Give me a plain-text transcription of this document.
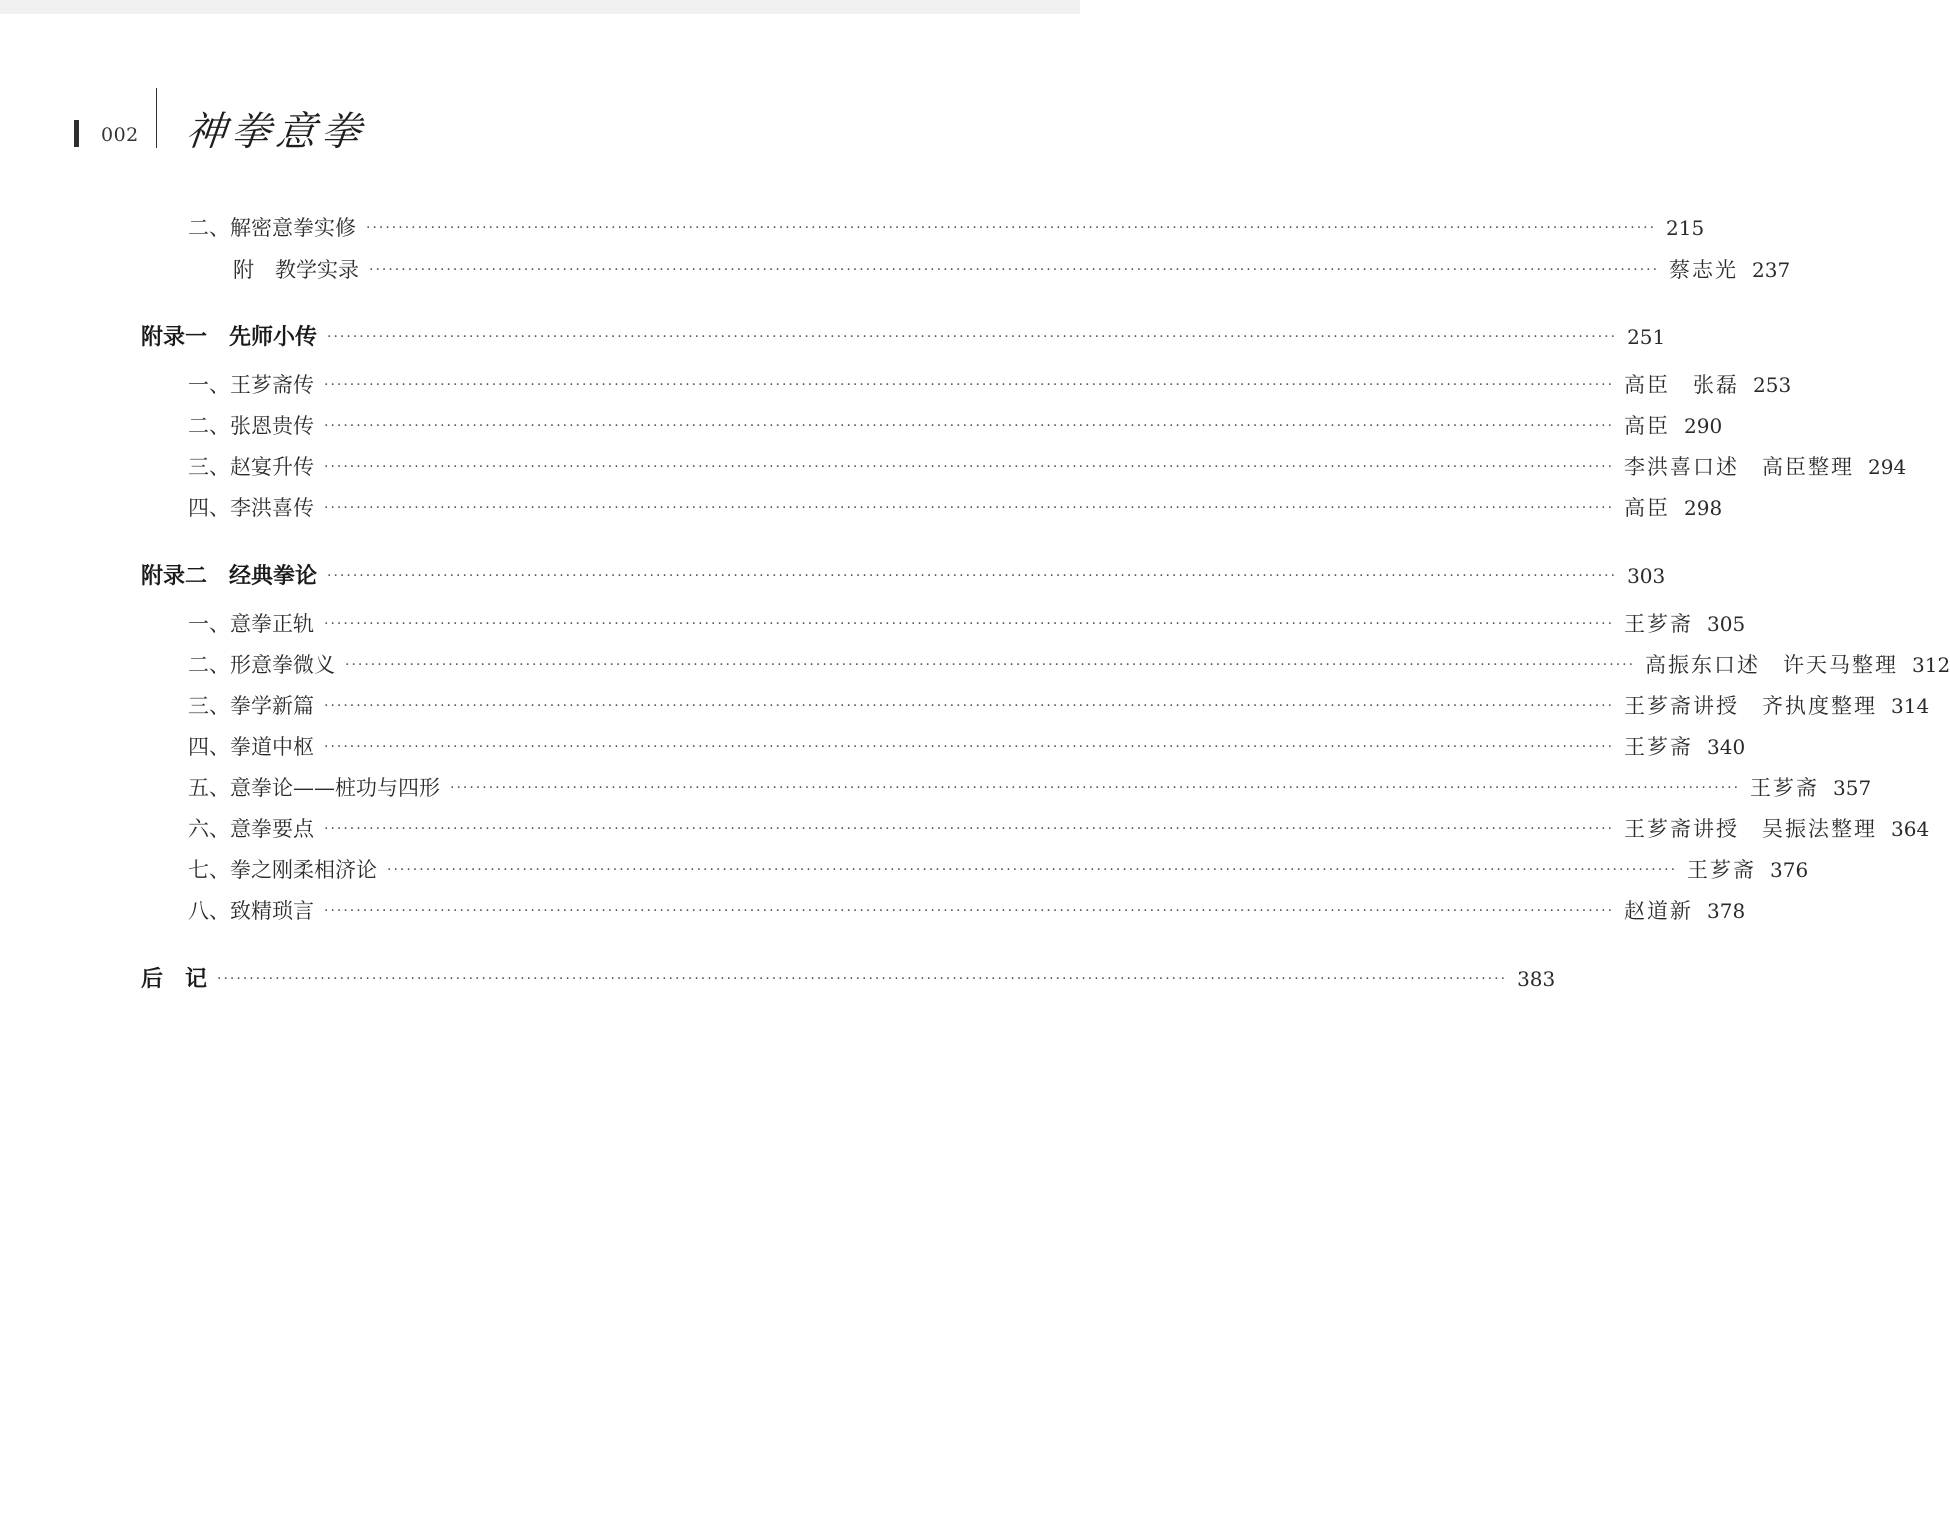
002 神拳意拳
二、解密意拳实修 ········································································································································································································ 215
附　教学实录 ········································································································································································································ 蔡志光 237
附录一　先师小传 ········································································································································································································ 251
一、王芗斋传 ········································································································································································································ 高臣　张磊 253
二、张恩贵传 ········································································································································································································ 高臣 290
三、赵宴升传 ········································································································································································································ 李洪喜口述　高臣整理 294
四、李洪喜传 ········································································································································································································ 高臣 298
附录二　经典拳论 ········································································································································································································ 303
一、意拳正轨 ········································································································································································································ 王芗斋 305
二、形意拳微义 ········································································································································································································ 高振东口述　许天马整理 312
三、拳学新篇 ········································································································································································································ 王芗斋讲授　齐执度整理 314
四、拳道中枢 ········································································································································································································ 王芗斋 340
五、意拳论——桩功与四形 ········································································································································································································ 王芗斋 357
六、意拳要点 ········································································································································································································ 王芗斋讲授　吴振法整理 364
七、拳之刚柔相济论 ········································································································································································································ 王芗斋 376
八、致精琐言 ········································································································································································································ 赵道新 378
后　记 ········································································································································································································ 383
